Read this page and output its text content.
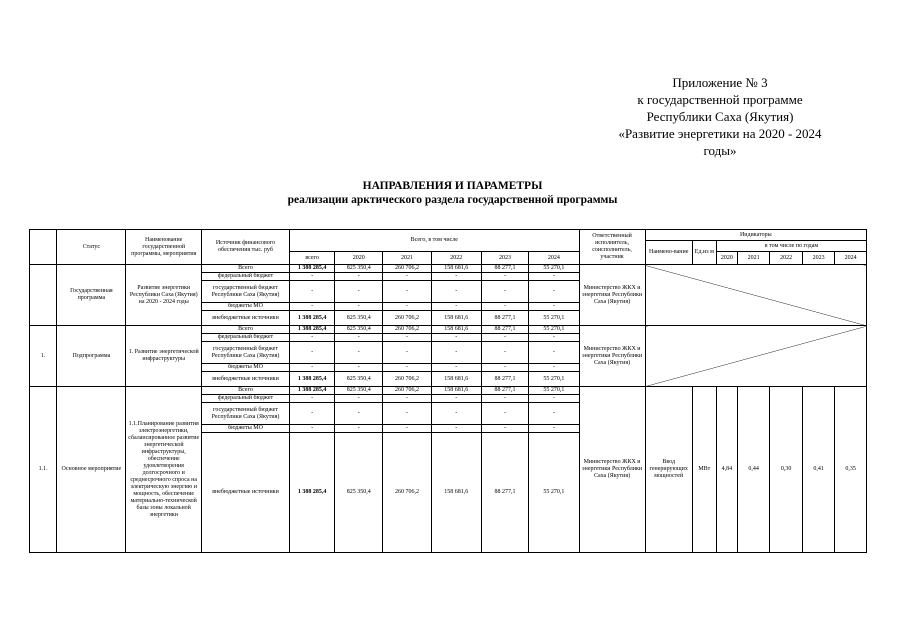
Приложение № 3
к государственной программе
Республики Саха (Якутия)
«Развитие энергетики на 2020 - 2024
годы»
НАПРАВЛЕНИЯ И ПАРАМЕТРЫ
реализации арктического раздела государственной программы
	Статус	Наименование государственной программы, мероприятия	Источник финансового обеспечения тыс. руб	Всего, в том числе						Ответственный исполнитель, соисполнитель, участник	Индикаторы						
											Наимено-вание	Ед.из м	в том числе по годам				
				всего	2020	2021	2022	2023	2024				2020	2021	2022	2023	2024
	Государственная программа	Развитие энергетики Республики Саха (Якутия) на 2020 - 2024 годы	Всего	1 388 285,4	825 350,4	260 706,2	158 681,6	88 277,1	55 270,1	Министерство ЖКХ и энергетики Республики Саха (Якутия)							
			федеральный бюджет	-	-	-	-	-	-								
			государственный бюджет Республики Саха (Якутия)	-	-	-	-	-	-								
			бюджеты МО	-	-	-	-	-	-								
			внебюджетные источники	1 388 285,4	825 350,4	260 706,2	158 681,6	88 277,1	55 270,1								
1.	Подпрограмма	1. Развитие энергетической инфраструктуры	Всего	1 388 285,4	825 350,4	260 706,2	158 681,6	88 277,1	55 270,1	Министерство ЖКХ и энергетики Республики Саха (Якутия)							
			федеральный бюджет	-	-	-	-	-	-								
			государственный бюджет Республики Саха (Якутия)	-	-	-	-	-	-								
			бюджеты МО	-	-	-	-	-	-								
			внебюджетные источники	1 388 285,4	825 350,4	260 706,2	158 681,6	88 277,1	55 270,1								
1.1.	Основное мероприятие	1.1.Планирование развития электроэнергетики, сбалансированное развитие энергетической инфраструктуры, обеспечение удовлетворения долгосрочного и среднесрочного спроса на электрическую энергию и мощность, обеспечение материально-технической базы зоны локальной энергетики	Всего	1 388 285,4	825 350,4	260 706,2	158 681,6	88 277,1	55 270,1	Министерство ЖКХ и энергетики Республики Саха (Якутия)	Ввод генерирующих мощностей	МВт	4,84	0,44	0,30	0,41	0,35
			федеральный бюджет	-	-	-	-	-	-								
			государственный бюджет Республики Саха (Якутия)	-	-	-	-	-	-								
			бюджеты МО	-	-	-	-	-	-								
			внебюджетные источники	1 388 285,4	825 350,4	260 706,2	158 681,6	88 277,1	55 270,1								
